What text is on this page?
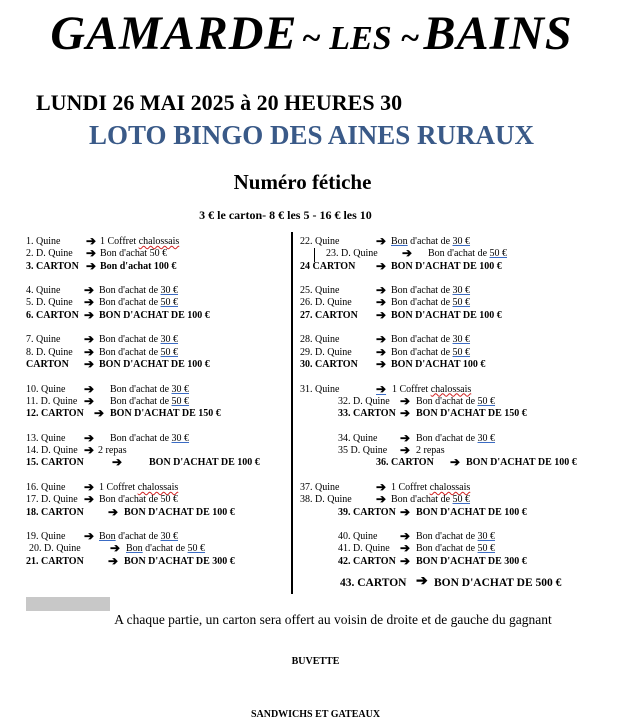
GAMARDE ~ LES ~ BAINS
LUNDI 26 MAI 2025 à 20 HEURES 30
LOTO BINGO DES AINES RURAUX
Numéro fétiche
3 € le carton- 8 € les 5 - 16 € les 10
1. Quine ➔ 1 Coffret chalossais
2. D. Quine ➔ Bon d'achat 50 €
3. CARTON ➔ Bon d'achat 100 €
4. Quine ➔ Bon d'achat de 30 €
5. D. Quine ➔ Bon d'achat de 50 €
6. CARTON ➔ BON D'ACHAT DE 100 €
7. Quine ➔ Bon d'achat de 30 €
8. D. Quine ➔ Bon d'achat de 50 €
CARTON ➔ BON D'ACHAT DE 100 €
10. Quine ➔ Bon d'achat de 30 €
11. D. Quine ➔ Bon d'achat de 50 €
12. CARTON ➔ BON D'ACHAT DE 150 €
13. Quine ➔ Bon d'achat de 30 €
14. D. Quine ➔ 2 repas
15. CARTON ➔	BON D'ACHAT DE 100 €
16. Quine ➔ 1 Coffret chalossais
17. D. Quine ➔ Bon d'achat de 50 €
18. CARTON ➔ BON D'ACHAT DE 100 €
19. Quine ➔ Bon d'achat de 30 €
20. D. Quine ➔ Bon d'achat de 50 €
21. CARTON ➔ BON D'ACHAT DE 300 €
22. Quine	➔ Bon d'achat de 30 €
23. D. Quine ➔ Bon d'achat de 50 €
24 CARTON ➔ BON D'ACHAT DE 100 €
25. Quine	➔ Bon d'achat de 30 €
26. D. Quine ➔ Bon d'achat de 50 €
27. CARTON ➔ BON D'ACHAT DE 100 €
28. Quine	➔ Bon d'achat de 30 €
29. D. Quine ➔ Bon d'achat de 50 €
30. CARTON ➔ BON D'ACHAT 100 €
31. Quine	➔ 1 Coffret chalossais
32. D. Quine ➔ Bon d'achat de 50 €
33. CARTON ➔ BON D'ACHAT DE 150 €
34. Quine ➔ Bon d'achat de 30 €
35 D. Quine ➔ 2 repas
36. CARTON ➔ BON D'ACHAT DE 100 €
37. Quine	➔ 1 Coffret chalossais
38. D. Quine ➔ Bon d'achat de 50 €
39. CARTON ➔ BON D'ACHAT DE 100 €
40. Quine ➔ Bon d'achat de 30 €
41. D. Quine ➔ Bon d'achat de 50 €
42. CARTON ➔ BON D'ACHAT DE 300 €
43. CARTON ➔ BON D'ACHAT DE 500 €
A chaque partie, un carton sera offert au voisin de droite et de gauche du gagnant
BUVETTE
SANDWICHS ET GATEAUX
